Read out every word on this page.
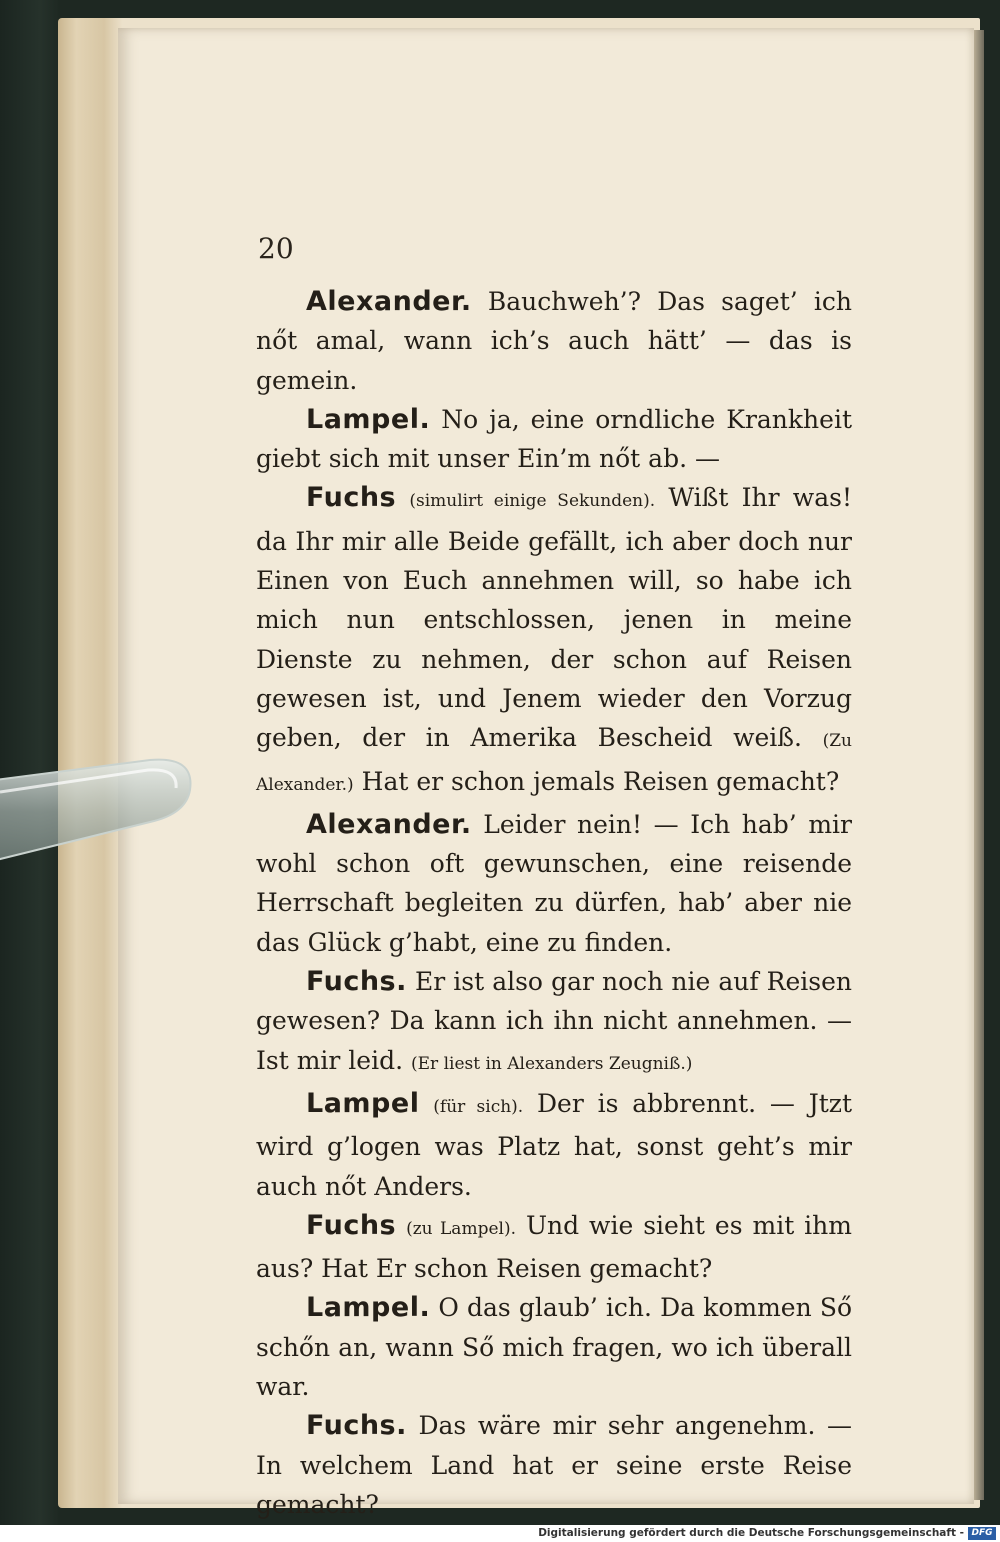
20

Alexander. Bauchweh’? Das saget’ ich nőt amal, wann ich’s auch hätt’ — das is gemein.

Lampel. No ja, eine orndliche Krankheit giebt sich mit unser Ein’m nőt ab. —

Fuchs (simulirt einige Sekunden). Wißt Ihr was! da Ihr mir alle Beide gefällt, ich aber doch nur Einen von Euch annehmen will, so habe ich mich nun entschlossen, jenen in meine Dienste zu nehmen, der schon auf Reisen gewesen ist, und Jenem wieder den Vorzug geben, der in Amerika Bescheid weiß. (Zu Alexander.) Hat er schon jemals Reisen gemacht?

Alexander. Leider nein! — Ich hab’ mir wohl schon oft gewunschen, eine reisende Herrschaft begleiten zu dürfen, hab’ aber nie das Glück g’habt, eine zu finden.

Fuchs. Er ist also gar noch nie auf Reisen gewesen? Da kann ich ihn nicht annehmen. — Ist mir leid. (Er liest in Alexanders Zeugniß.)

Lampel (für sich). Der is abbrennt. — Jtzt wird g’logen was Platz hat, sonst geht’s mir auch nőt Anders.

Fuchs (zu Lampel). Und wie sieht es mit ihm aus? Hat Er schon Reisen gemacht?

Lampel. O das glaub’ ich. Da kommen Ső schőn an, wann Ső mich fragen, wo ich überall war.

Fuchs. Das wäre mir sehr angenehm. — In welchem Land hat er seine erste Reise gemacht?

Digitalisierung gefördert durch die Deutsche Forschungsgemeinschaft - DFG
